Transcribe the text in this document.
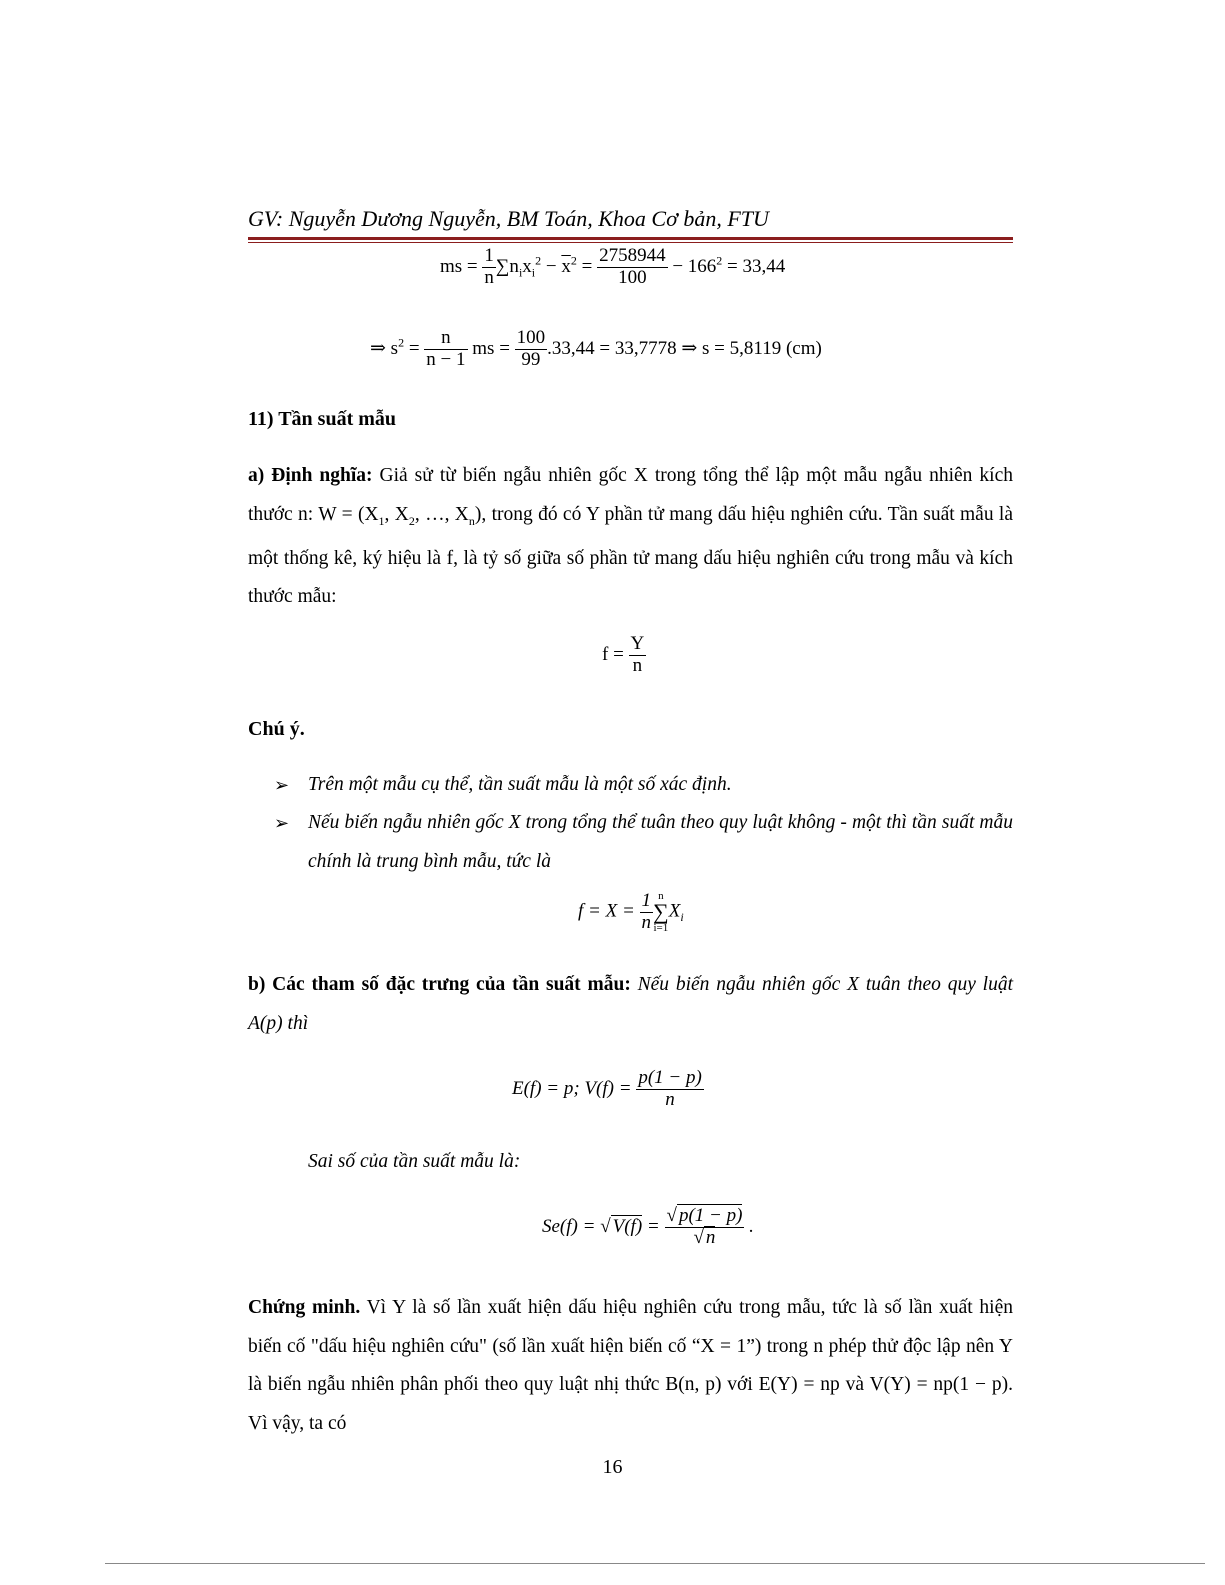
GV: Nguyễn Dương Nguyễn, BM Toán, Khoa Cơ bản, FTU
ms = $\frac{1}{n} \sum n_ix_i^2 - \overline{x}^2 = \frac{2758944}{100} - 166^2 = 33,44$
⇒ $s^2 = \frac{n}{n - 1}$ ms = $\frac{100}{99} .33,44 = 33,7778$ ⇒ s = 5,8119 (cm)
11) Tần suất mẫu
a) Định nghĩa: Giả sử từ biến ngẫu nhiên gốc X trong tổng thể lập một mẫu ngẫu nhiên kích thước n: $W = (X_1$, $X_2$, …, $X_n$), trong đó có Y phần tử mang dấu hiệu nghiên cứu. Tần suất mẫu là một thống kê, ký hiệu là f, là tỷ số giữa số phần tử mang dấu hiệu nghiên cứu trong mẫu và kích thước mẫu:
$f = \frac{Y}{n}$
Chú ý.
➢ Trên một mẫu cụ thể, tần suất mẫu là một số xác định.
➢ Nếu biến ngẫu nhiên gốc X trong tổng thể tuân theo quy luật không - một thì tần suất mẫu chính là trung bình mẫu, tức là
$f = X = \frac{1}{n}$ n
∑
i=1
$X_i$
b) Các tham số đặc trưng của tần suất mẫu: Nếu biến ngẫu nhiên gốc X tuân theo quy luật A(p) thì
E(f) = p; $V(f) = \frac{p(1 - p)}{n}$
Sai số của tần suất mẫu là:
Se(f) = √ $V(f) = \frac{√ p(1 - p)}{√ n}$ .
Chứng minh. Vì Y là số lần xuất hiện dấu hiệu nghiên cứu trong mẫu, tức là số lần xuất hiện biến cố "dấu hiệu nghiên cứu" (số lần xuất hiện biến cố “X = 1”) trong n phép thử độc lập nên Y là biến ngẫu nhiên phân phối theo quy luật nhị thức B(n, p) với E(Y) = np và V(Y) = np(1 − p). Vì vậy, ta có
16
